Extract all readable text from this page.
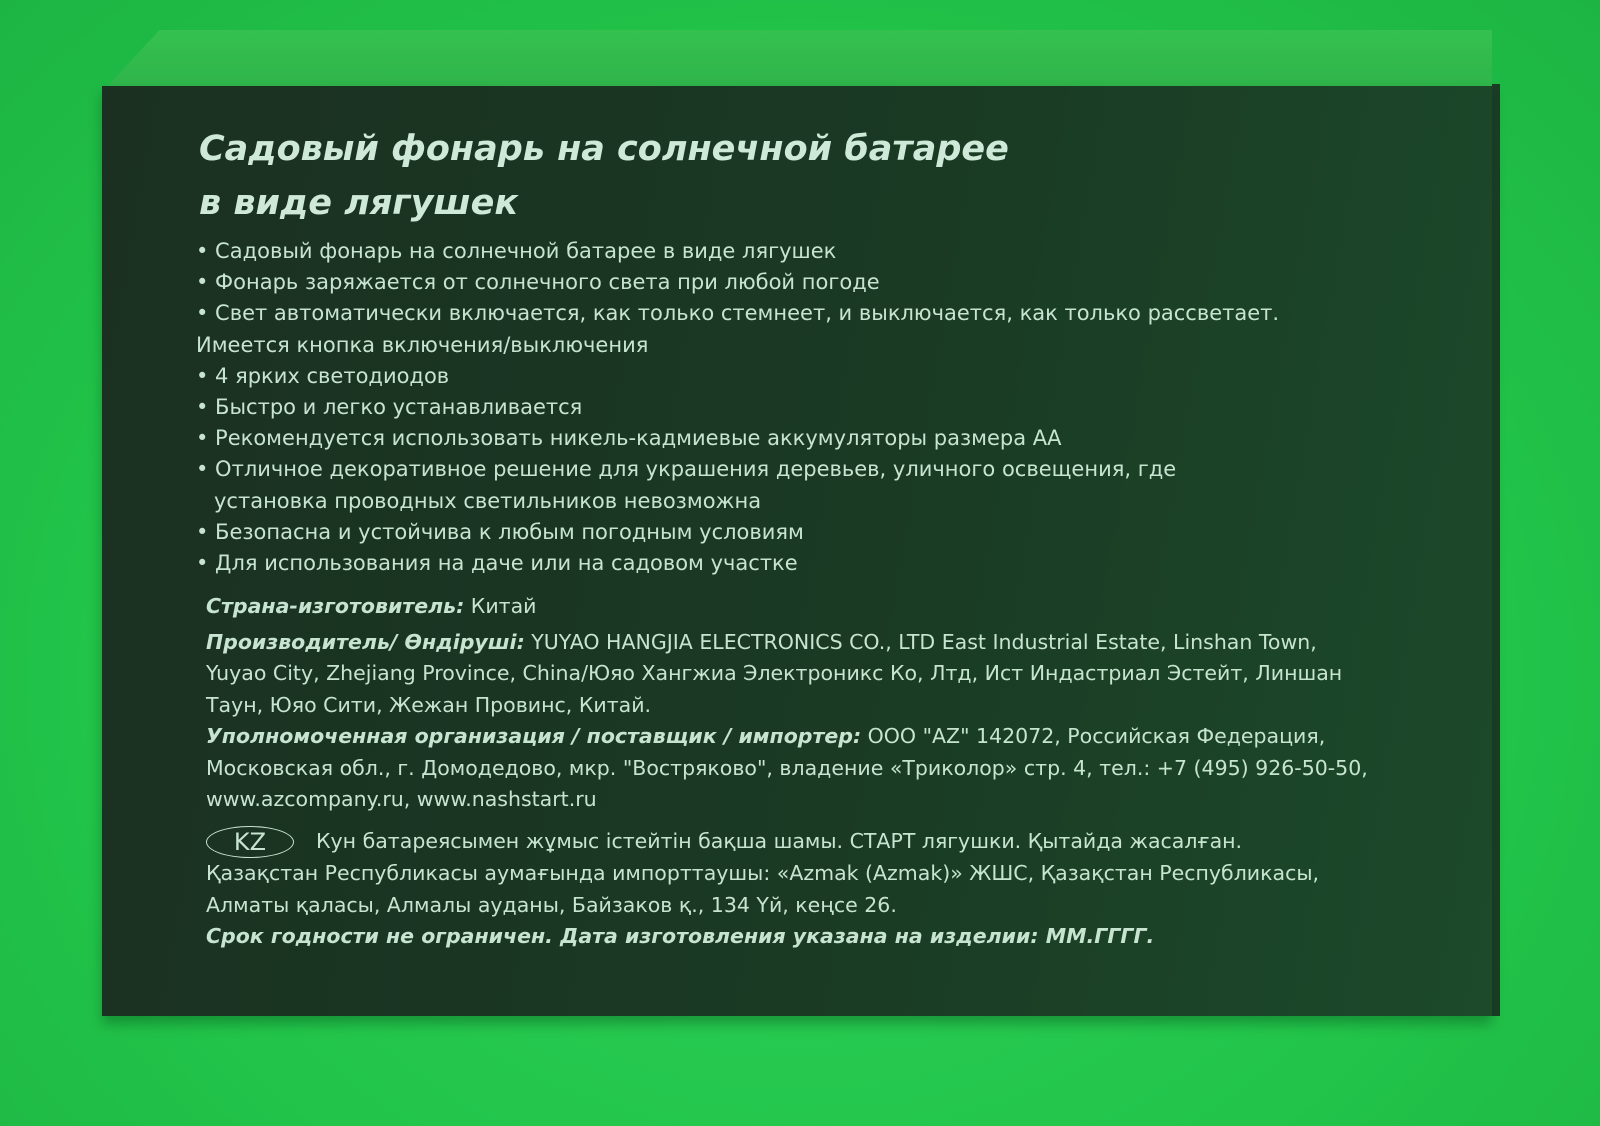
Садовый фонарь на солнечной батарее
в виде лягушек
• Садовый фонарь на солнечной батарее в виде лягушек
• Фонарь заряжается от солнечного света при любой погоде
• Свет автоматически включается, как только стемнеет, и выключается, как только рассветает.
Имеется кнопка включения/выключения
• 4 ярких светодиодов
• Быстро и легко устанавливается
• Рекомендуется использовать никель-кадмиевые аккумуляторы размера АА
• Отличное декоративное решение для украшения деревьев, уличного освещения, где
установка проводных светильников невозможна
• Безопасна и устойчива к любым погодным условиям
• Для использования на даче или на садовом участке
Страна-изготовитель: Китай
Производитель/ Өндіруші: YUYAO HANGJIA ELECTRONICS CO., LTD East Industrial Estate, Linshan Town,
Yuyao City, Zhejiang Province, China/Юяо Хангжиа Электроникс Ко, Лтд, Ист Индастриал Эстейт, Линшан
Таун, Юяо Сити, Жежан Провинс, Китай.
Уполномоченная организация / поставщик / импортер: ООО "AZ" 142072, Российская Федерация,
Московская обл., г. Домодедово, мкр. "Востряково", владение «Триколор» стр. 4, тел.: +7 (495) 926-50-50,
www.azcompany.ru, www.nashstart.ru
KZ Кун батареясымен жұмыс істейтін бақша шамы. СТАРТ лягушки. Қытайда жасалған.
Қазақстан Республикасы аумағында импорттаушы: «Azmak (Azmak)» ЖШС, Қазақстан Республикасы,
Алматы қаласы, Алмалы ауданы, Байзаков қ., 134 Үй, кеңсе 26.
Срок годности не ограничен. Дата изготовления указана на изделии: ММ.ГГГГ.
